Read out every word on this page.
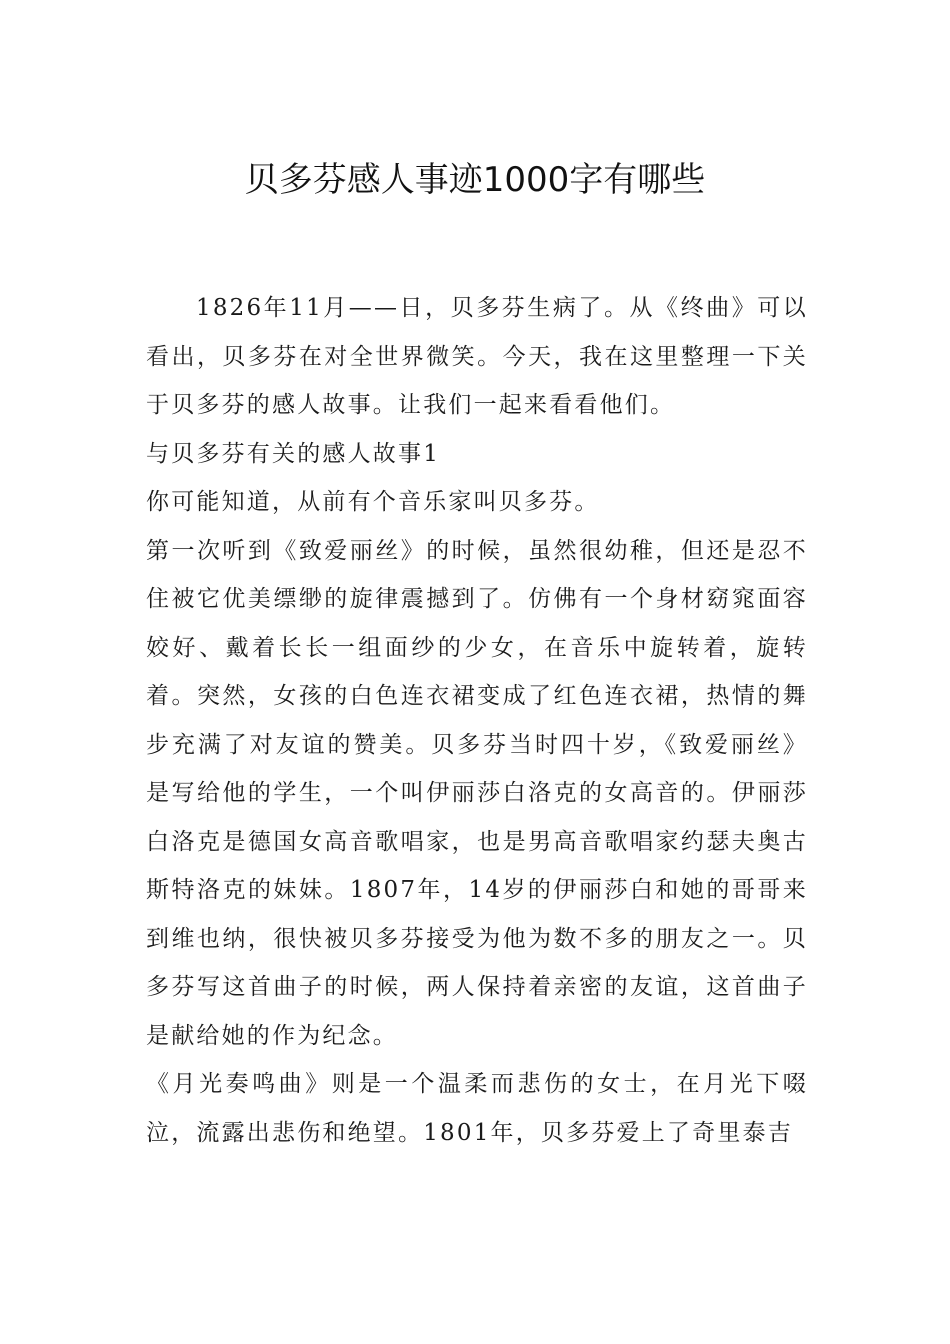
贝多芬感人事迹1000字有哪些

1826年11月——日，贝多芬生病了。从《终曲》可以看出，贝多芬在对全世界微笑。今天，我在这里整理一下关于贝多芬的感人故事。让我们一起来看看他们。

与贝多芬有关的感人故事1

你可能知道，从前有个音乐家叫贝多芬。

第一次听到《致爱丽丝》的时候，虽然很幼稚，但还是忍不住被它优美缥缈的旋律震撼到了。仿佛有一个身材窈窕面容姣好、戴着长长一组面纱的少女，在音乐中旋转着，旋转着。突然，女孩的白色连衣裙变成了红色连衣裙，热情的舞步充满了对友谊的赞美。贝多芬当时四十岁，《致爱丽丝》是写给他的学生，一个叫伊丽莎白洛克的女高音的。伊丽莎白洛克是德国女高音歌唱家，也是男高音歌唱家约瑟夫奥古斯特洛克的妹妹。1807年，14岁的伊丽莎白和她的哥哥来到维也纳，很快被贝多芬接受为他为数不多的朋友之一。贝多芬写这首曲子的时候，两人保持着亲密的友谊，这首曲子是献给她的作为纪念。

《月光奏鸣曲》则是一个温柔而悲伤的女士，在月光下啜泣，流露出悲伤和绝望。1801年，贝多芬爱上了奇里泰吉
